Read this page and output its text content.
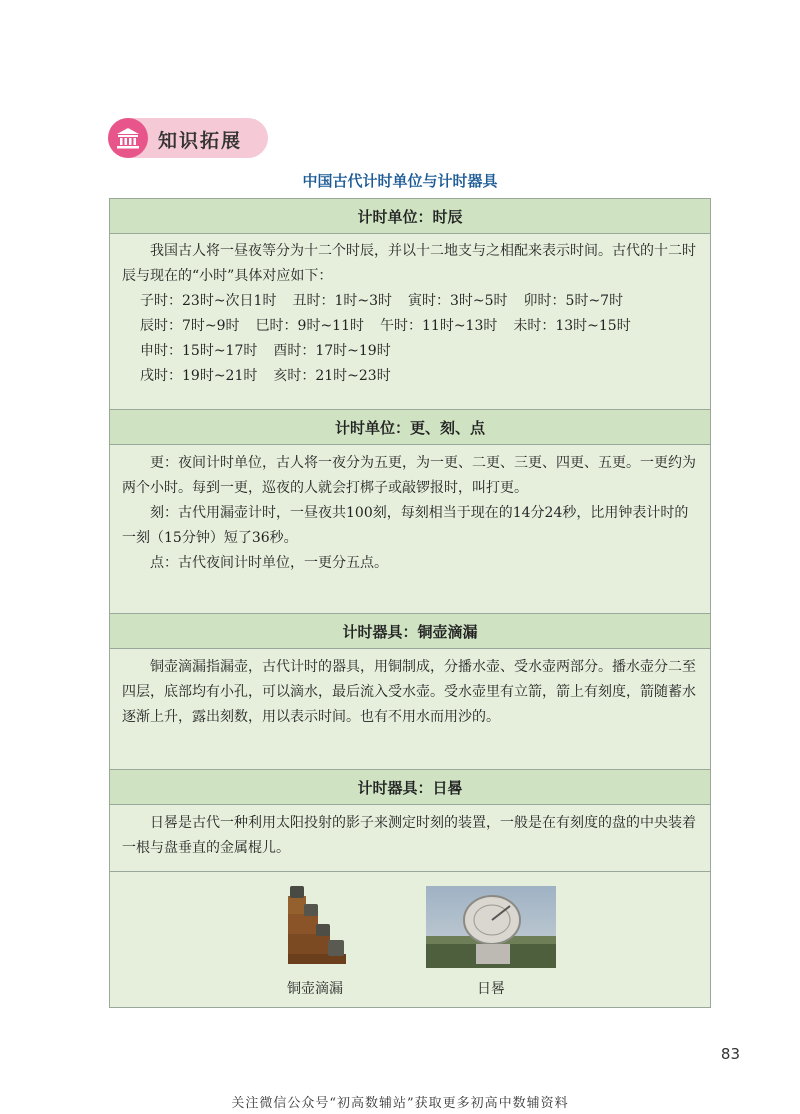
知识拓展
中国古代计时单位与计时器具
计时单位：时辰

我国古人将一昼夜等分为十二个时辰，并以十二地支与之相配来表示时间。古代的十二时辰与现在的“小时”具体对应如下：

子时：23时~次日1时 丑时：1时~3时 寅时：3时~5时 卯时：5时~7时
辰时：7时~9时 巳时：9时~11时 午时：11时~13时 未时：13时~15时
申时：15时~17时 酉时：17时~19时
戌时：19时~21时 亥时：21时~23时
计时单位：更、刻、点

更：夜间计时单位，古人将一夜分为五更，为一更、二更、三更、四更、五更。一更约为两个小时。每到一更，巡夜的人就会打梆子或敲锣报时，叫打更。

刻：古代用漏壶计时，一昼夜共100刻，每刻相当于现在的14分24秒，比用钟表计时的一刻（15分钟）短了36秒。

点：古代夜间计时单位，一更分五点。

计时器具：铜壶滴漏

铜壶滴漏指漏壶，古代计时的器具，用铜制成，分播水壶、受水壶两部分。播水壶分二至四层，底部均有小孔，可以滴水，最后流入受水壶。受水壶里有立箭，箭上有刻度，箭随蓄水逐渐上升，露出刻数，用以表示时间。也有不用水而用沙的。

计时器具：日晷

日晷是古代一种利用太阳投射的影子来测定时刻的装置，一般是在有刻度的盘的中央装着一根与盘垂直的金属棍儿。

铜壶滴漏	日晷
83
关注微信公众号“初高数辅站”获取更多初高中数辅资料
